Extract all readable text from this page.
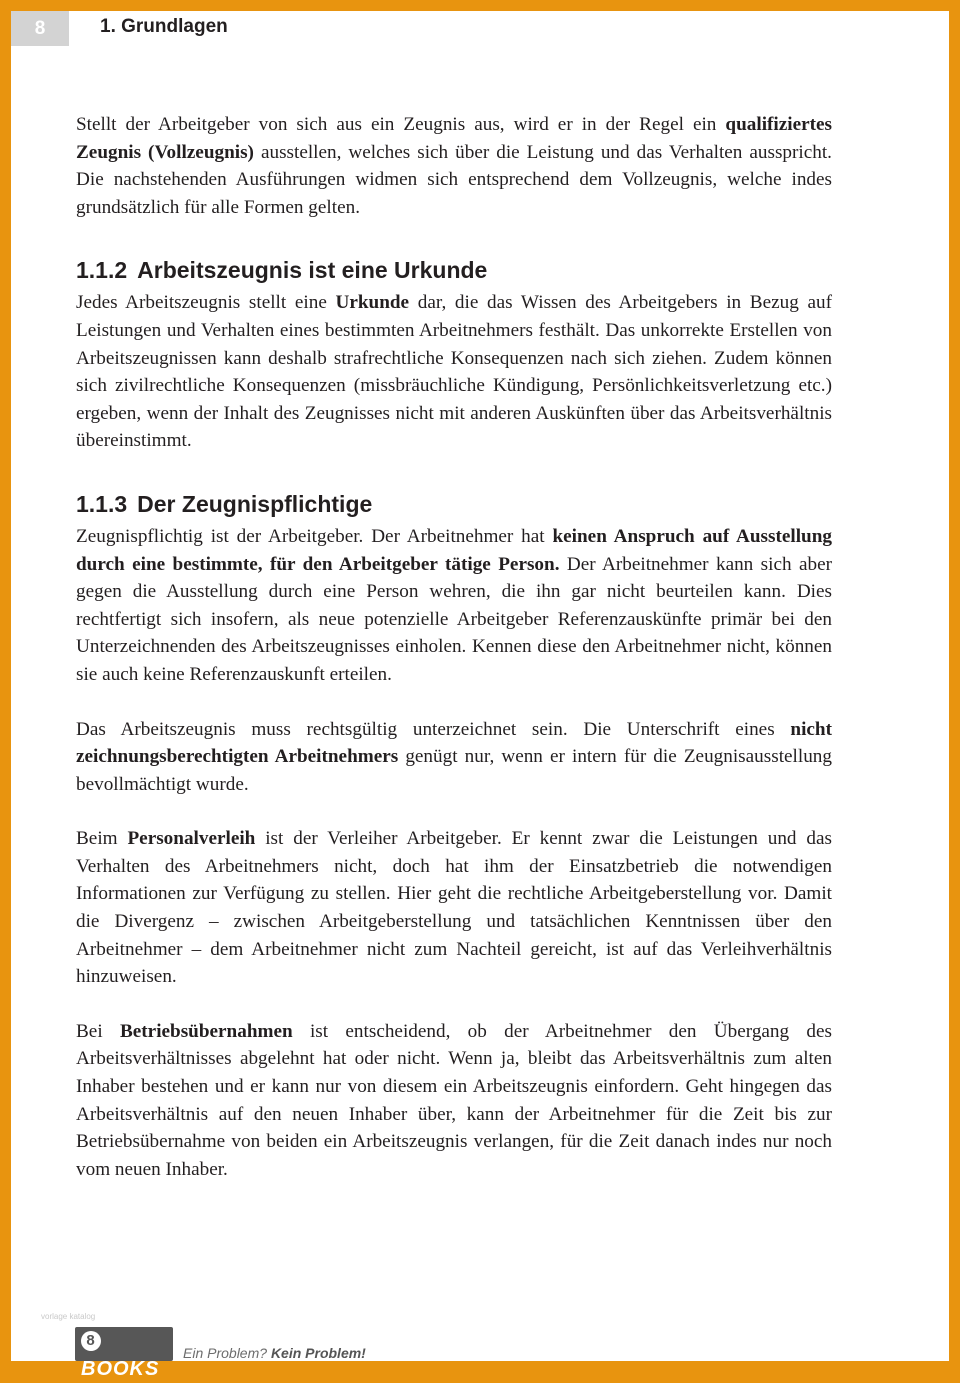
8	1. Grundlagen

Stellt der Arbeitgeber von sich aus ein Zeugnis aus, wird er in der Regel ein qualifiziertes Zeugnis (Vollzeugnis) ausstellen, welches sich über die Leistung und das Verhalten ausspricht. Die nachstehenden Ausführungen widmen sich entsprechend dem Vollzeugnis, welche indes grundsätzlich für alle Formen gelten.

1.1.2 Arbeitszeugnis ist eine Urkunde

Jedes Arbeitszeugnis stellt eine Urkunde dar, die das Wissen des Arbeitgebers in Bezug auf Leistungen und Verhalten eines bestimmten Arbeitnehmers festhält. Das unkorrekte Erstellen von Arbeitszeugnissen kann deshalb strafrechtliche Konsequenzen nach sich ziehen. Zudem können sich zivilrechtliche Konsequenzen (missbräuchliche Kündigung, Persönlichkeitsverletzung etc.) ergeben, wenn der Inhalt des Zeugnisses nicht mit anderen Auskünften über das Arbeitsverhältnis übereinstimmt.

1.1.3 Der Zeugnispflichtige

Zeugnispflichtig ist der Arbeitgeber. Der Arbeitnehmer hat keinen Anspruch auf Ausstellung durch eine bestimmte, für den Arbeitgeber tätige Person. Der Arbeitnehmer kann sich aber gegen die Ausstellung durch eine Person wehren, die ihn gar nicht beurteilen kann. Dies rechtfertigt sich insofern, als neue potenzielle Arbeitgeber Referenzauskünfte primär bei den Unterzeichnenden des Arbeitszeugnisses einholen. Kennen diese den Arbeitnehmer nicht, können sie auch keine Referenzauskunft erteilen.

Das Arbeitszeugnis muss rechtsgültig unterzeichnet sein. Die Unterschrift eines nicht zeichnungsberechtigten Arbeitnehmers genügt nur, wenn er intern für die Zeugnisausstellung bevollmächtigt wurde.

Beim Personalverleih ist der Verleiher Arbeitgeber. Er kennt zwar die Leistungen und das Verhalten des Arbeitnehmers nicht, doch hat ihm der Einsatzbetrieb die notwendigen Informationen zur Verfügung zu stellen. Hier geht die rechtliche Arbeitgeberstellung vor. Damit die Divergenz – zwischen Arbeitgeberstellung und tatsächlichen Kenntnissen über den Arbeitnehmer – dem Arbeitnehmer nicht zum Nachteil gereicht, ist auf das Verleihverhältnis hinzuweisen.

Bei Betriebsübernahmen ist entscheidend, ob der Arbeitnehmer den Übergang des Arbeitsverhältnisses abgelehnt hat oder nicht. Wenn ja, bleibt das Arbeitsverhältnis zum alten Inhaber bestehen und er kann nur von diesem ein Arbeitszeugnis einfordern. Geht hingegen das Arbeitsverhältnis auf den neuen Inhaber über, kann der Arbeitnehmer für die Zeit bis zur Betriebsübernahme von beiden ein Arbeitszeugnis verlangen, für die Zeit danach indes nur noch vom neuen Inhaber.

vorlage katalog
8BOOKS
Ein Problem? Kein Problem!
